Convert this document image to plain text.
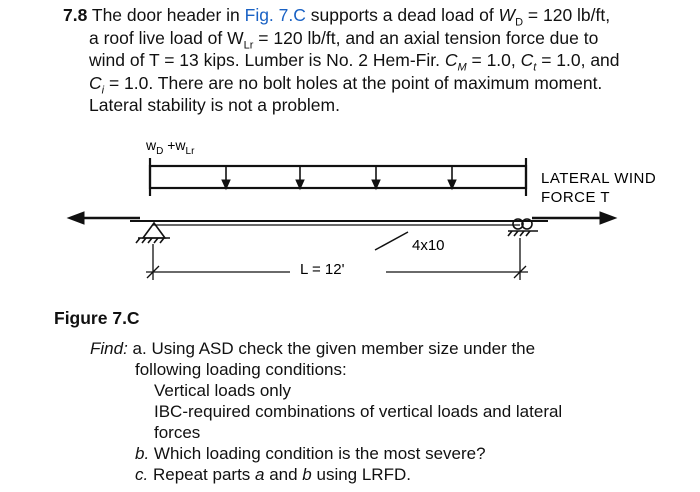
7.8 The door header in Fig. 7.C supports a dead load of $W_D = 120$ lb/ft,
a roof live load of $W_{Lr} = 120$ lb/ft, and an axial tension force due to
wind of T = 13 kips. Lumber is No. 2 Hem-Fir. $C_M = 1.0$, $C_t = 1.0$, and
$C_i = 1.0$. There are no bolt holes at the point of maximum moment.
Lateral stability is not a problem.
$w_D +w_{Lr}$
LATERAL WIND
FORCE T
4x10
L = 12'
Figure 7.C
Find: a. Using ASD check the given member size under the
following loading conditions:
Vertical loads only
IBC-required combinations of vertical loads and lateral
forces
b. Which loading condition is the most severe?
c. Repeat parts a and b using LRFD.
